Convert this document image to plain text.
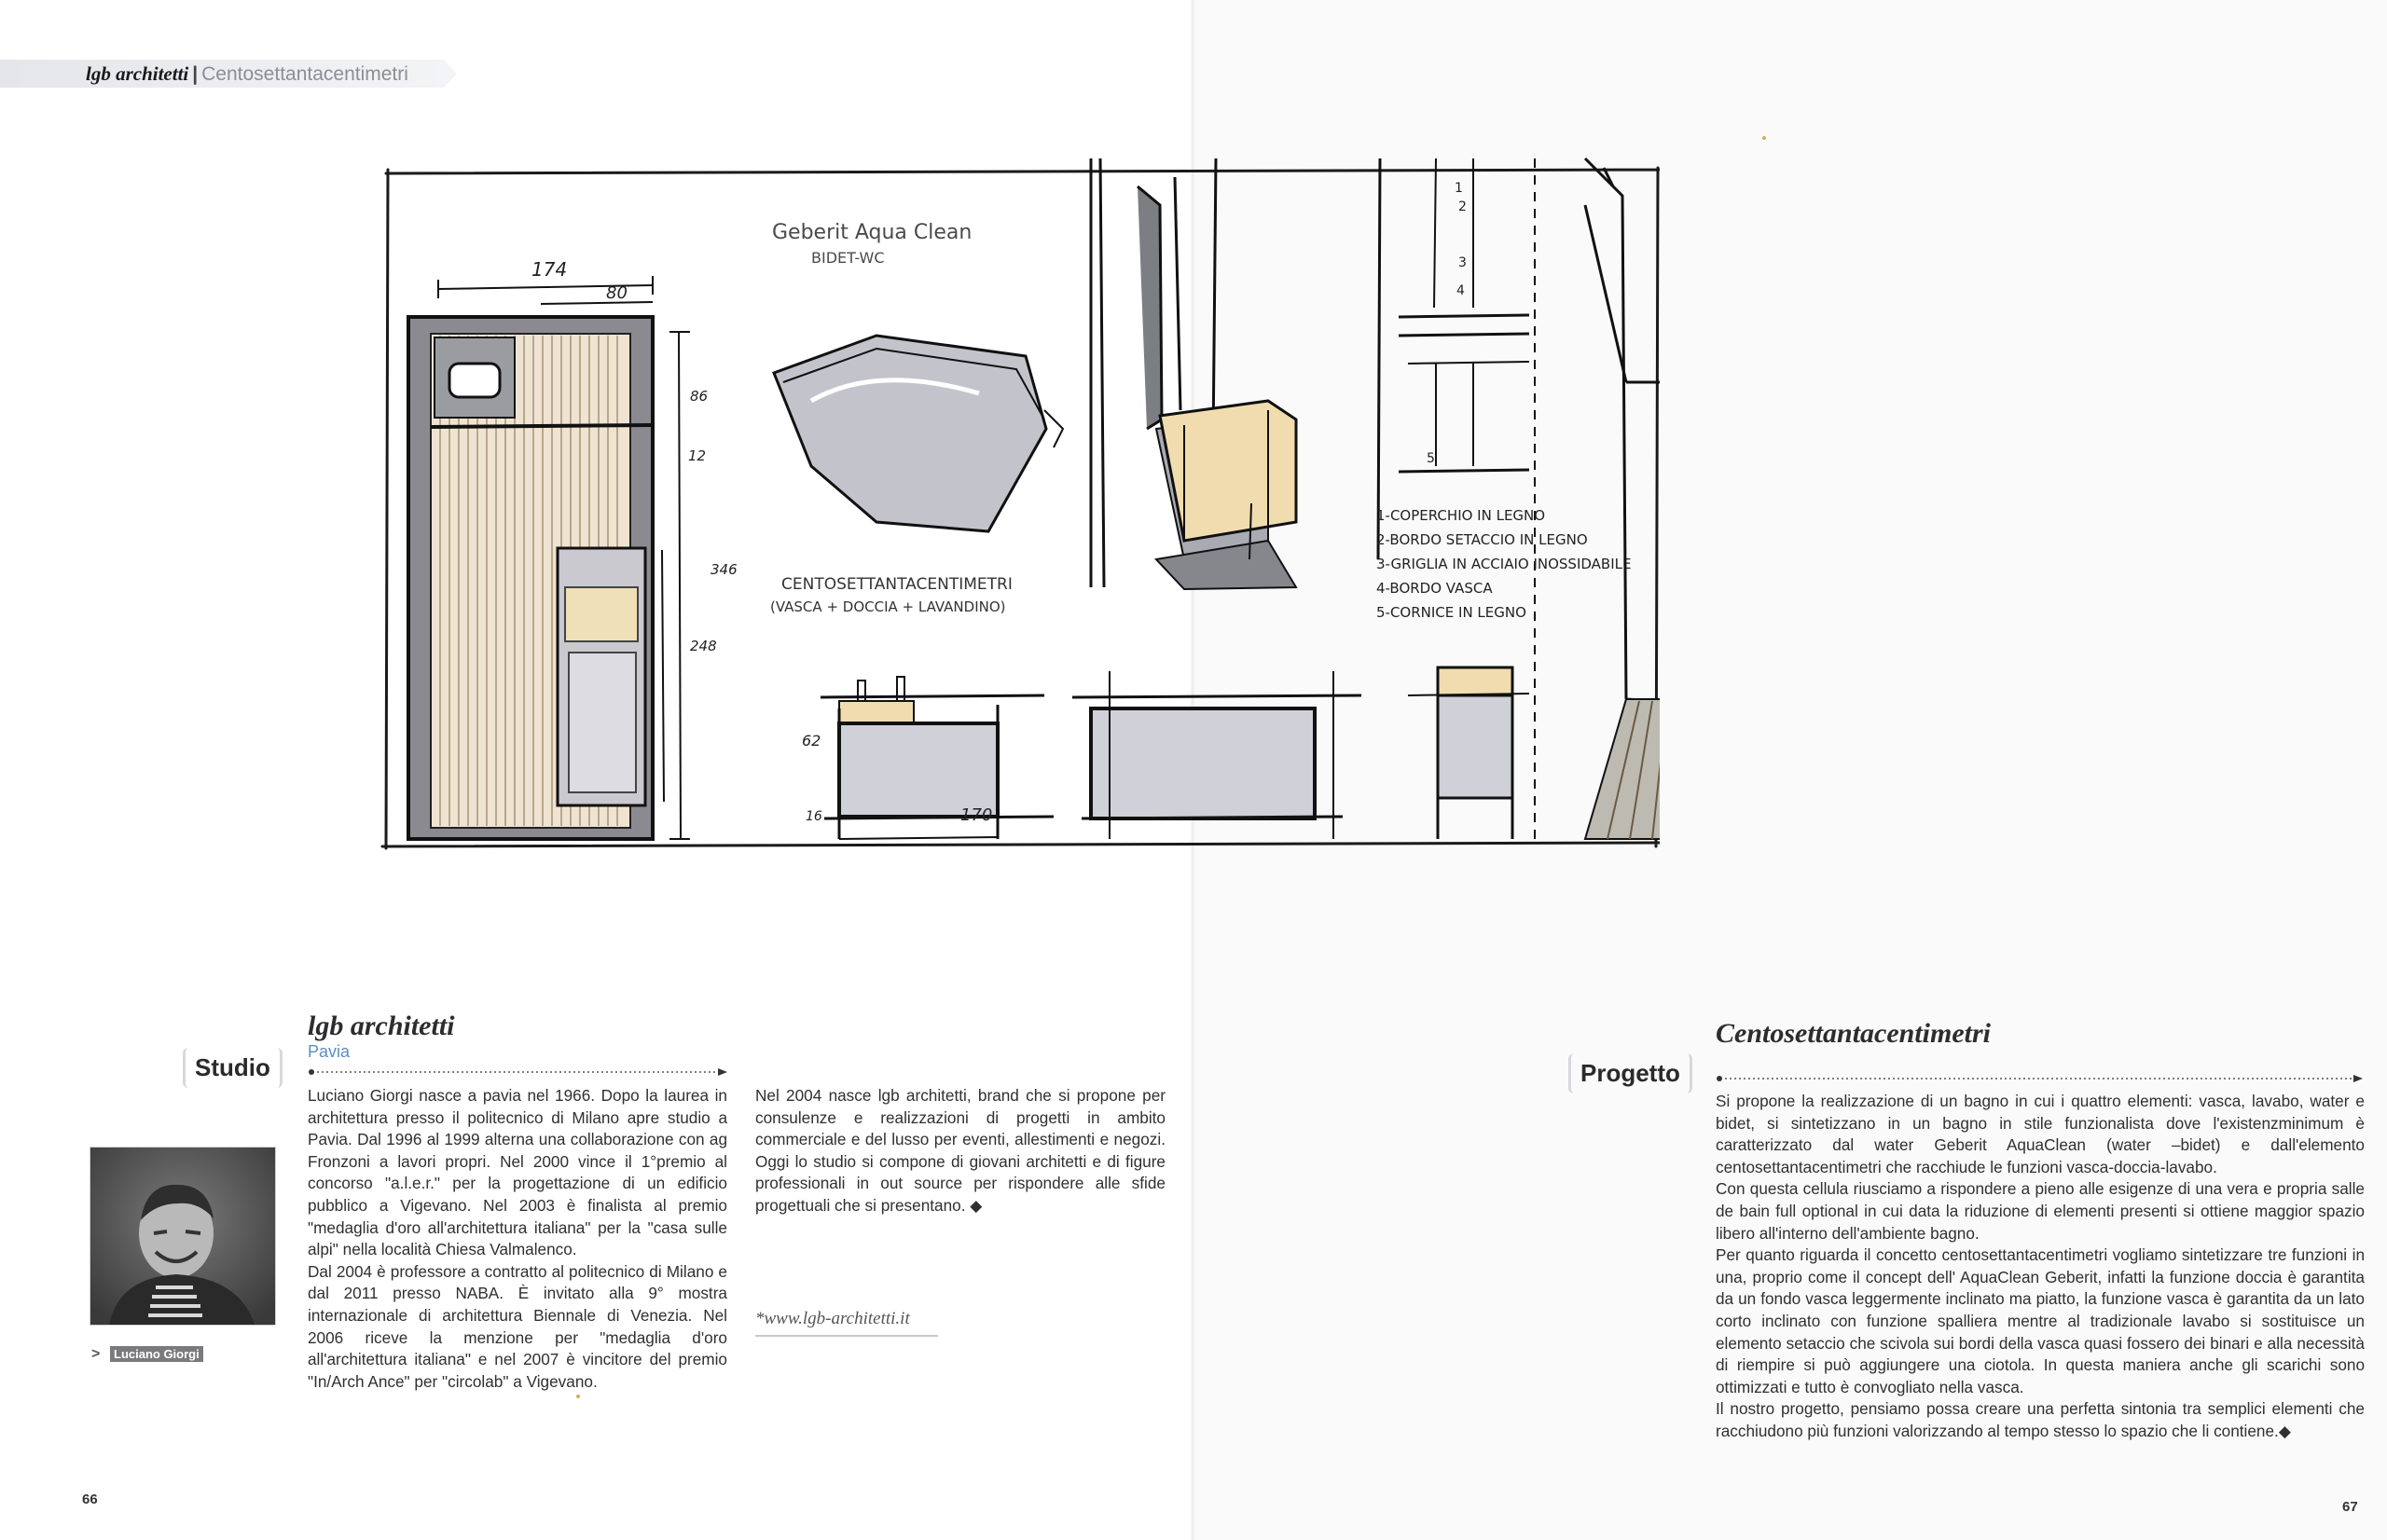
lgb architetti | Centosettantacentimetri
174
80
86
12
346
248
Geberit Aqua Clean
BIDET-WC
CENTOSETTANTACENTIMETRI
(VASCA + DOCCIA + LAVANDINO)
62
16	170
1
2
3
4
5
1-COPERCHIO IN LEGNO
2-BORDO SETACCIO IN LEGNO
3-GRIGLIA IN ACCIAIO INOSSIDABILE
4-BORDO VASCA
5-CORNICE IN LEGNO
Studio
lgb architetti
Pavia

Luciano Giorgi nasce a pavia nel 1966. Dopo la laurea in architettura presso il politecnico di Milano apre studio a Pavia. Dal 1996 al 1999 alterna una collaborazione con ag Fronzoni a lavori propri. Nel 2000 vince il 1°premio al concorso "a.l.e.r." per la progettazione di un edificio pubblico a Vigevano. Nel 2003 è finalista al premio "medaglia d'oro all'architettura italiana" per la "casa sulle alpi" nella località Chiesa Valmalenco.

Dal 2004 è professore a contratto al politecnico di Milano e dal 2011 presso NABA. È invitato alla 9° mostra internazionale di architettura Biennale di Venezia. Nel 2006 riceve la menzione per "medaglia d'oro all'architettura italiana" e nel 2007 è vincitore del premio "In/Arch Ance" per "circolab" a Vigevano.

Nel 2004 nasce lgb architetti, brand che si propone per consulenze e realizzazioni di progetti in ambito commerciale e del lusso per eventi, allestimenti e negozi. Oggi lo studio si compone di giovani architetti e di figure professionali in out source per rispondere alle sfide progettuali che si presentano. ◆

*www.lgb-architetti.it
>	Luciano Giorgi
Progetto
Centosettantacentimetri

Si propone la realizzazione di un bagno in cui i quattro elementi: vasca, lavabo, water e bidet, si sintetizzano in un bagno in stile funzionalista dove l'existenzminimum è caratterizzato dal water Geberit AquaClean (water –bidet) e dall'elemento centosettantacentimetri che racchiude le funzioni vasca-doccia-lavabo.

Con questa cellula riusciamo a rispondere a pieno alle esigenze di una vera e propria salle de bain full optional in cui data la riduzione di elementi presenti si ottiene maggior spazio libero all'interno dell'ambiente bagno.

Per quanto riguarda il concetto centosettantacentimetri vogliamo sintetizzare tre funzioni in una, proprio come il concept dell' AquaClean Geberit, infatti la funzione doccia è garantita da un fondo vasca leggermente inclinato ma piatto, la funzione vasca è garantita da un lato corto inclinato con funzione spalliera mentre al tradizionale lavabo si sostituisce un elemento setaccio che scivola sui bordi della vasca quasi fossero dei binari e alla necessità di riempire si può aggiungere una ciotola. In questa maniera anche gli scarichi sono ottimizzati e tutto è convogliato nella vasca.

Il nostro progetto, pensiamo possa creare una perfetta sintonia tra semplici elementi che racchiudono più funzioni valorizzando al tempo stesso lo spazio che li contiene.◆

66	67
